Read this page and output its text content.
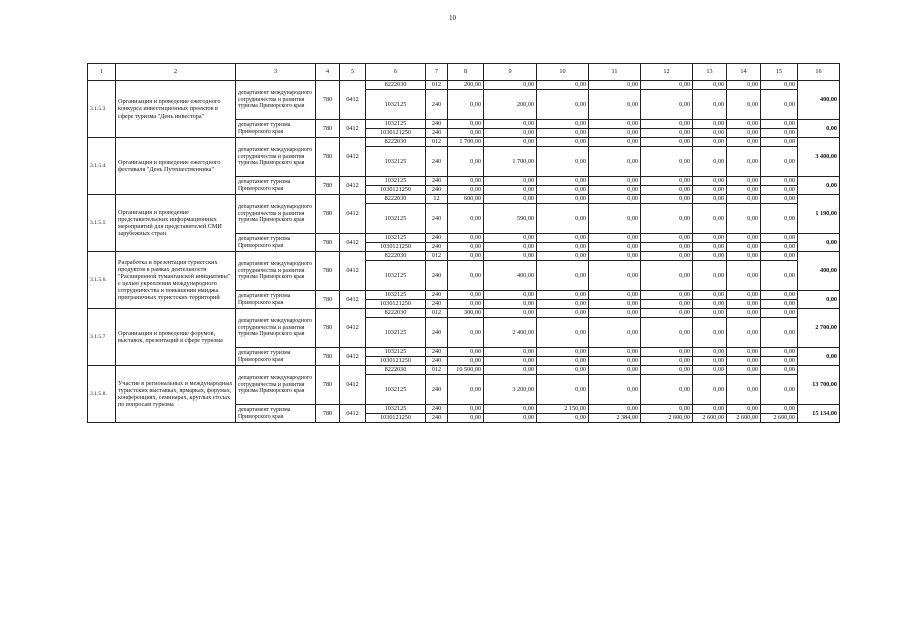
10
1	2	3	4	5	6	7	8	9	10	11	12	13	14	15	16
3.1.5.3	Организация и проведение ежегодного конкурса инвестиционных проектов в сфере туризма "День инвестора"	департамент международного сотрудничества и развития туризма Приморского края	780	0412	8222030	012	200,00	0,00	0,00	0,00	0,00	0,00	0,00	0,00	400,00
					1032125	240	0,00	200,00	0,00	0,00	0,00	0,00	0,00	0,00	
		департамент туризма Приморского края	780	0412	1032125	240	0,00	0,00	0,00	0,00	0,00	0,00	0,00	0,00	0,00
					1030121250	240	0,00	0,00	0,00	0,00	0,00	0,00	0,00	0,00	
3.1.5.4	Организация и проведение ежегодного фестиваля "День Путешественника"	департамент международного сотрудничества и развития туризма Приморского края	780	0412	8222030	012	1 700,00	0,00	0,00	0,00	0,00	0,00	0,00	0,00	3 400,00
					1032125	240	0,00	1 700,00	0,00	0,00	0,00	0,00	0,00	0,00	
		департамент туризма Приморского края	780	0412	1032125	240	0,00	0,00	0,00	0,00	0,00	0,00	0,00	0,00	0,00
					1030121250	240	0,00	0,00	0,00	0,00	0,00	0,00	0,00	0,00	
3.1.5.5	Организация и проведение представительских информационных мероприятий для представителей СМИ зарубежных стран	департамент международного сотрудничества и развития туризма Приморского края	780	0412	8222030	12	600,00	0,00	0,00	0,00	0,00	0,00	0,00	0,00	1 190,00
					1032125	240	0,00	590,00	0,00	0,00	0,00	0,00	0,00	0,00	
		департамент туризма Приморского края	780	0412	1032125	240	0,00	0,00	0,00	0,00	0,00	0,00	0,00	0,00	0,00
					1030121250	240	0,00	0,00	0,00	0,00	0,00	0,00	0,00	0,00	
3.1.5.6.	Разработка и презентация туристских продуктов в рамках деятельности "Расширенной туманганской инициативы" с целью укрепления международного сотрудничества и повышения имиджа приграничных туристских территорий	департамент международного сотрудничества и развития туризма Приморского края	780	0412	8222030	012	0,00	0,00	0,00	0,00	0,00	0,00	0,00	0,00	400,00
					1032125	240	0,00	400,00	0,00	0,00	0,00	0,00	0,00	0,00	
		департамент туризма Приморского края	780	0412	1032125	240	0,00	0,00	0,00	0,00	0,00	0,00	0,00	0,00	0,00
					1030121250	240	0,00	0,00	0,00	0,00	0,00	0,00	0,00	0,00	
3.1.5.7	Организация и проведение форумов, выставок, презентаций в сфере туризма	департамент международного сотрудничества и развития туризма Приморского края	780	0412	8222030	012	300,00	0,00	0,00	0,00	0,00	0,00	0,00	0,00	2 700,00
					1032125	240	0,00	2 400,00	0,00	0,00	0,00	0,00	0,00	0,00	
		департамент туризма Приморского края	780	0412	1032125	240	0,00	0,00	0,00	0,00	0,00	0,00	0,00	0,00	0,00
					1030121250	240	0,00	0,00	0,00	0,00	0,00	0,00	0,00	0,00	
3.1.5.8.	Участие в региональных и международных туристских выставках, ярмарках, форумах, конференциях, семинарах, круглых столах по вопросам туризма	департамент международного сотрудничества и развития туризма Приморского края	780	0412	8222030	012	10 500,00	0,00	0,00	0,00	0,00	0,00	0,00	0,00	13 700,00
					1032125	240	0,00	3 200,00	0,00	0,00	0,00	0,00	0,00	0,00	
		департамент туризма Приморского края	780	0412	1032125	240	0,00	0,00	2 150,00	0,00	0,00	0,00	0,00	0,00	15 134,00
					1030121250	240	0,00	0,00	0,00	2 384,00	2 600,00	2 600,00	2 600,00	2 600,00	
